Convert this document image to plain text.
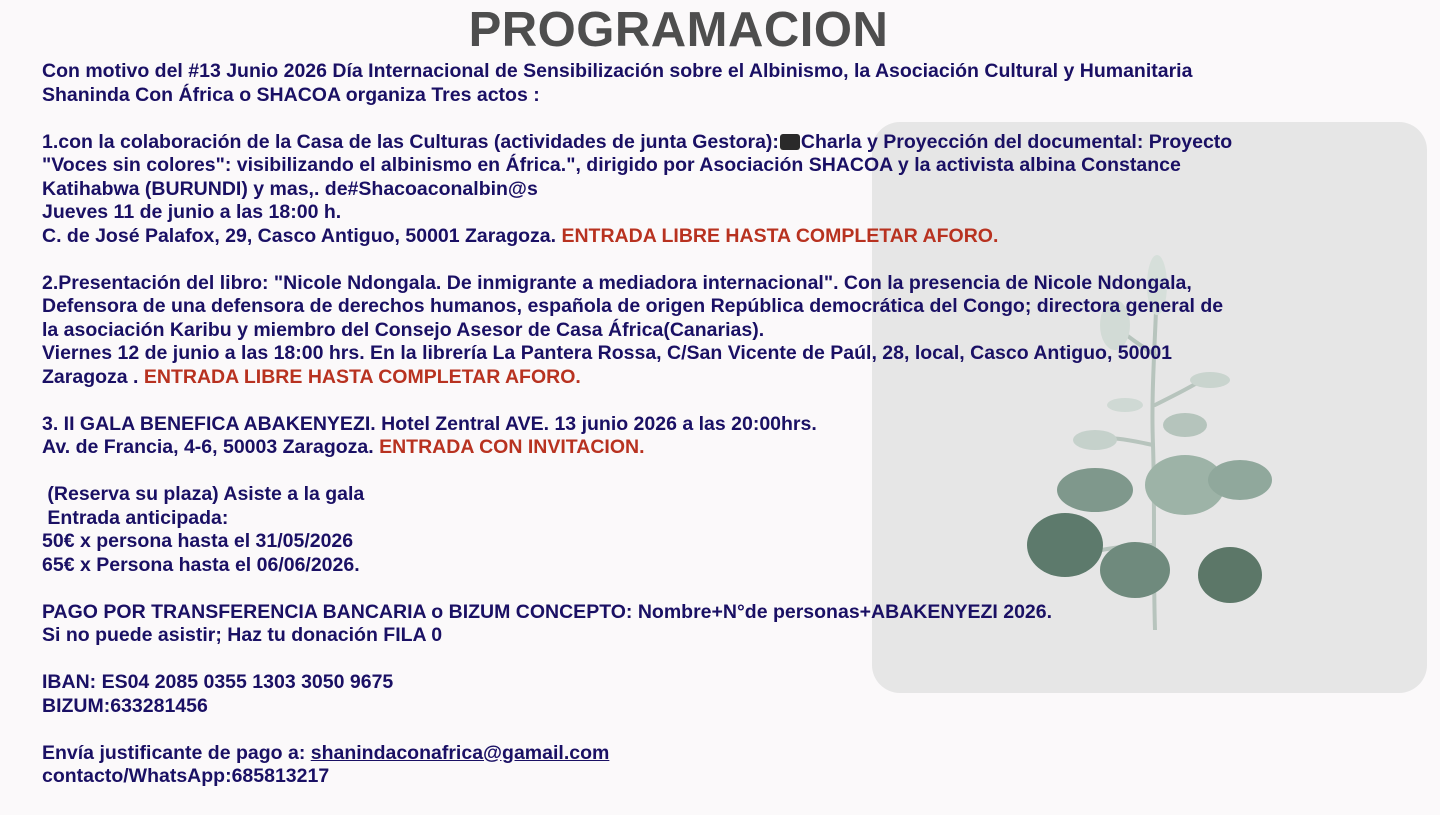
PROGRAMACION
Con motivo del #13 Junio 2026 Día Internacional de Sensibilización sobre el Albinismo, la Asociación Cultural y Humanitaria
Shaninda Con África o SHACOA organiza Tres actos :
1.con la colaboración de la Casa de las Culturas (actividades de junta Gestora): Charla y Proyección del documental: Proyecto
"Voces sin colores": visibilizando el albinismo en África.", dirigido por Asociación SHACOA y la activista albina Constance
Katihabwa (BURUNDI) y mas,. de#Shacoaconalbin@s
Jueves 11 de junio a las 18:00 h.
C. de José Palafox, 29, Casco Antiguo, 50001 Zaragoza. ENTRADA LIBRE HASTA COMPLETAR AFORO.
2.Presentación del libro: "Nicole Ndongala. De inmigrante a mediadora internacional". Con la presencia de Nicole Ndongala,
Defensora de una defensora de derechos humanos, española de origen República democrática del Congo; directora general de
la asociación Karibu y miembro del Consejo Asesor de Casa África(Canarias).
Viernes 12 de junio a las 18:00 hrs. En la librería La Pantera Rossa, C/San Vicente de Paúl, 28, local, Casco Antiguo, 50001
Zaragoza . ENTRADA LIBRE HASTA COMPLETAR AFORO.
3. II GALA BENEFICA ABAKENYEZI. Hotel Zentral AVE. 13 junio 2026 a las 20:00hrs.
Av. de Francia, 4-6, 50003 Zaragoza. ENTRADA CON INVITACION.
(Reserva su plaza) Asiste a la gala
Entrada anticipada:
50€ x persona hasta el 31/05/2026
65€ x Persona hasta el 06/06/2026.
PAGO POR TRANSFERENCIA BANCARIA o BIZUM CONCEPTO: Nombre+N°de personas+ABAKENYEZI 2026.
Si no puede asistir; Haz tu donación FILA 0
IBAN: ES04 2085 0355 1303 3050 9675
BIZUM:633281456
Envía justificante de pago a: shanindaconafrica@gamail.com
contacto/WhatsApp:685813217
